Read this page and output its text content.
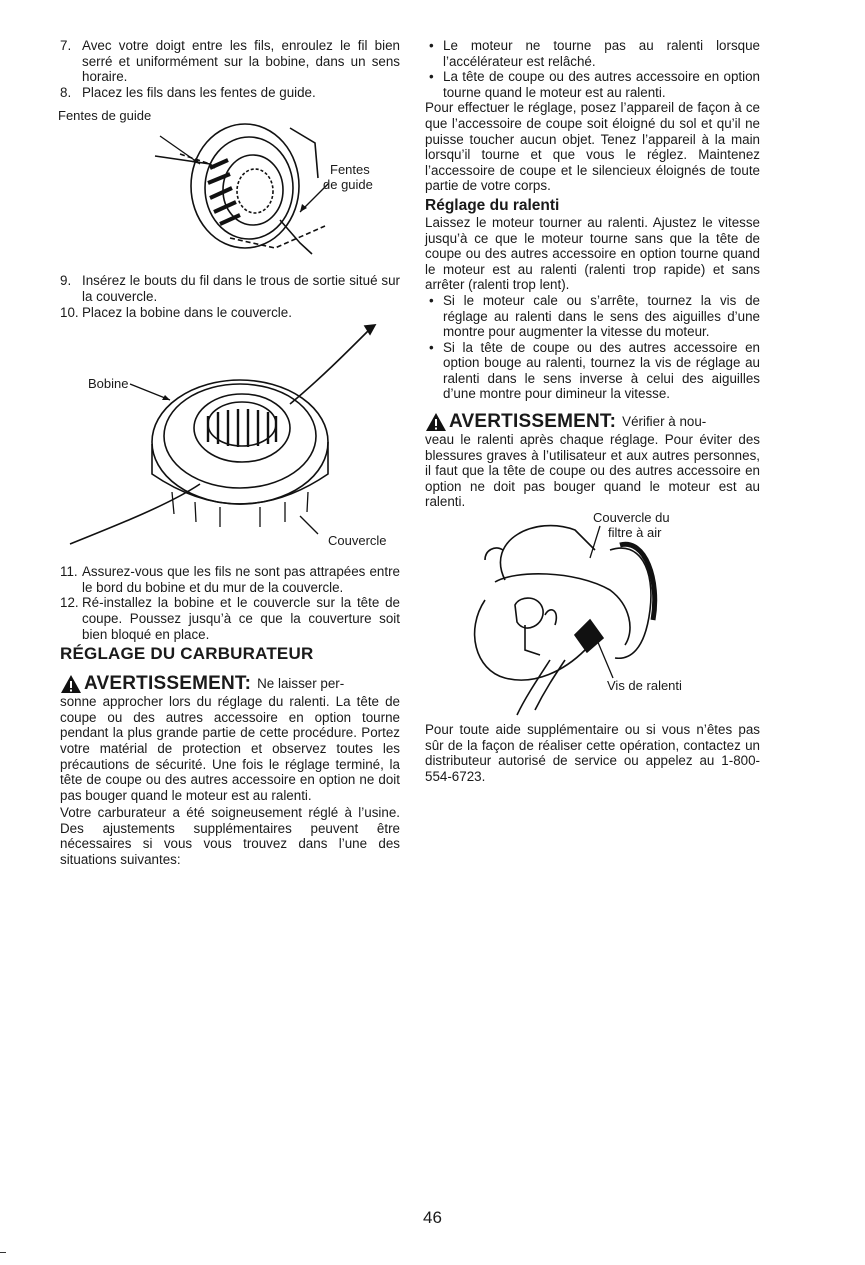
7. Avec votre doigt entre les fils, enroulez le fil bien serré et uniformément sur la bobine, dans un sens horaire.
8. Placez les fils dans les fentes de guide.
Fentes de guide
Fentes
de guide
9. Insérez le bouts du fil dans le trous de sortie situé sur la couvercle.
10. Placez la bobine dans le couvercle.
Bobine
Couvercle
11. Assurez-vous que les fils ne sont pas attrapées entre le bord du bobine et du mur de la couvercle.
12. Ré-installez la bobine et le couvercle sur la tête de coupe. Poussez jusqu’à ce que la couverture soit bien bloqué en place.
RÉGLAGE DU CARBURATEUR
AVERTISSEMENT: Ne laisser per-

sonne approcher lors du réglage du ralenti. La tête de coupe ou des autres accessoire en option tourne pendant la plus grande partie de cette procédure. Portez votre matérial de protection et observez toutes les précautions de sécurité. Une fois le réglage terminé, la tête de coupe ou des autres accessoire en option ne doit pas bouger quand le moteur est au ralenti.

Votre carburateur a été soigneusement réglé à l’usine. Des ajustements supplémentaires peuvent être nécessaires si vous vous trouvez dans l’une des situations suivantes:

• Le moteur ne tourne pas au ralenti lorsque l’accélérateur est relâché.
• La tête de coupe ou des autres accessoire en option tourne quand le moteur est au ralenti.

Pour effectuer le réglage, posez l’appareil de façon à ce que l’accessoire de coupe soit éloigné du sol et qu’il ne puisse toucher aucun objet. Tenez l’appareil à la main lorsqu’il tourne et que vous le réglez. Maintenez l’accessoire de coupe et le silencieux éloignés de toute partie de votre corps.

Réglage du ralenti

Laissez le moteur tourner au ralenti. Ajustez le vitesse jusqu’à ce que le moteur tourne sans que la tête de coupe ou des autres accessoire en option tourne quand le moteur est au ralenti (ralenti trop rapide) et sans arrêter (ralenti trop lent).

• Si le moteur cale ou s’arrête, tournez la vis de réglage au ralenti dans le sens des aiguilles d’une montre pour augmenter la vitesse du moteur.
• Si la tête de coupe ou des autres accessoire en option bouge au ralenti, tournez la vis de réglage au ralenti dans le sens inverse à celui des aiguilles d’une montre pour dimineur la vitesse.
AVERTISSEMENT: Vérifier à nou-

veau le ralenti après chaque réglage. Pour éviter des blessures graves à l’utilisateur et aux autres personnes, il faut que la tête de coupe ou des autres accessoire en option ne doit pas bouger quand le moteur est au ralenti.

Couvercle du
filtre à air
Vis de ralenti

Pour toute aide supplémentaire ou si vous n’êtes pas sûr de la façon de réaliser cette opération, contactez un distributeur autorisé de service ou appelez au 1-800-554-6723.

46
